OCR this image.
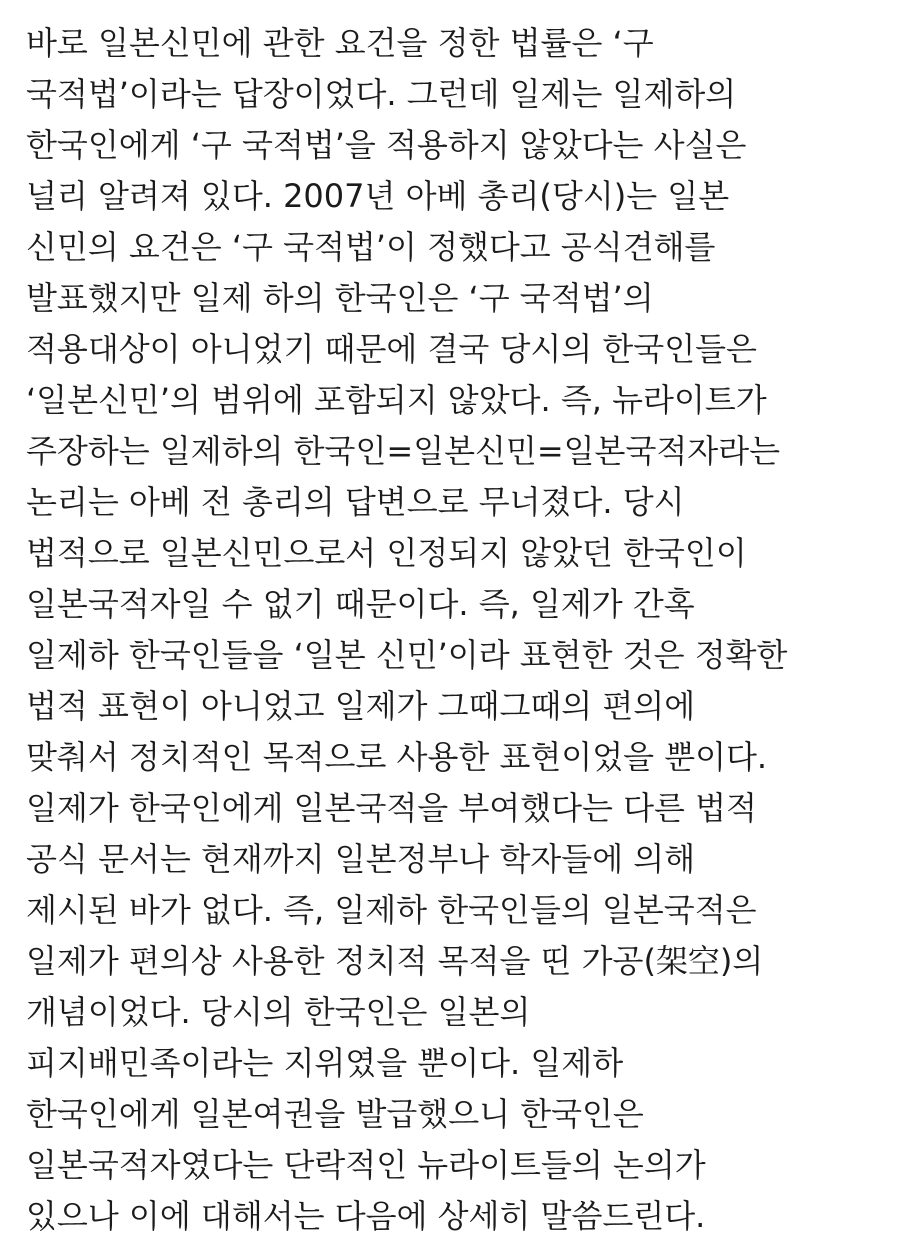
바로 일본신민에 관한 요건을 정한 법률은 ‘구
국적법’이라는 답장이었다. 그런데 일제는 일제하의
한국인에게 ‘구 국적법’을 적용하지 않았다는 사실은
널리 알려져 있다. 2007년 아베 총리(당시)는 일본
신민의 요건은 ‘구 국적법’이 정했다고 공식견해를
발표했지만 일제 하의 한국인은 ‘구 국적법’의
적용대상이 아니었기 때문에 결국 당시의 한국인들은
‘일본신민’의 범위에 포함되지 않았다. 즉, 뉴라이트가
주장하는 일제하의 한국인=일본신민=일본국적자라는
논리는 아베 전 총리의 답변으로 무너졌다. 당시
법적으로 일본신민으로서 인정되지 않았던 한국인이
일본국적자일 수 없기 때문이다. 즉, 일제가 간혹
일제하 한국인들을 ‘일본 신민’이라 표현한 것은 정확한
법적 표현이 아니었고 일제가 그때그때의 편의에
맞춰서 정치적인 목적으로 사용한 표현이었을 뿐이다.
일제가 한국인에게 일본국적을 부여했다는 다른 법적
공식 문서는 현재까지 일본정부나 학자들에 의해
제시된 바가 없다. 즉, 일제하 한국인들의 일본국적은
일제가 편의상 사용한 정치적 목적을 띤 가공(架空)의
개념이었다. 당시의 한국인은 일본의
피지배민족이라는 지위였을 뿐이다. 일제하
한국인에게 일본여권을 발급했으니 한국인은
일본국적자였다는 단락적인 뉴라이트들의 논의가
있으나 이에 대해서는 다음에 상세히 말씀드린다.
